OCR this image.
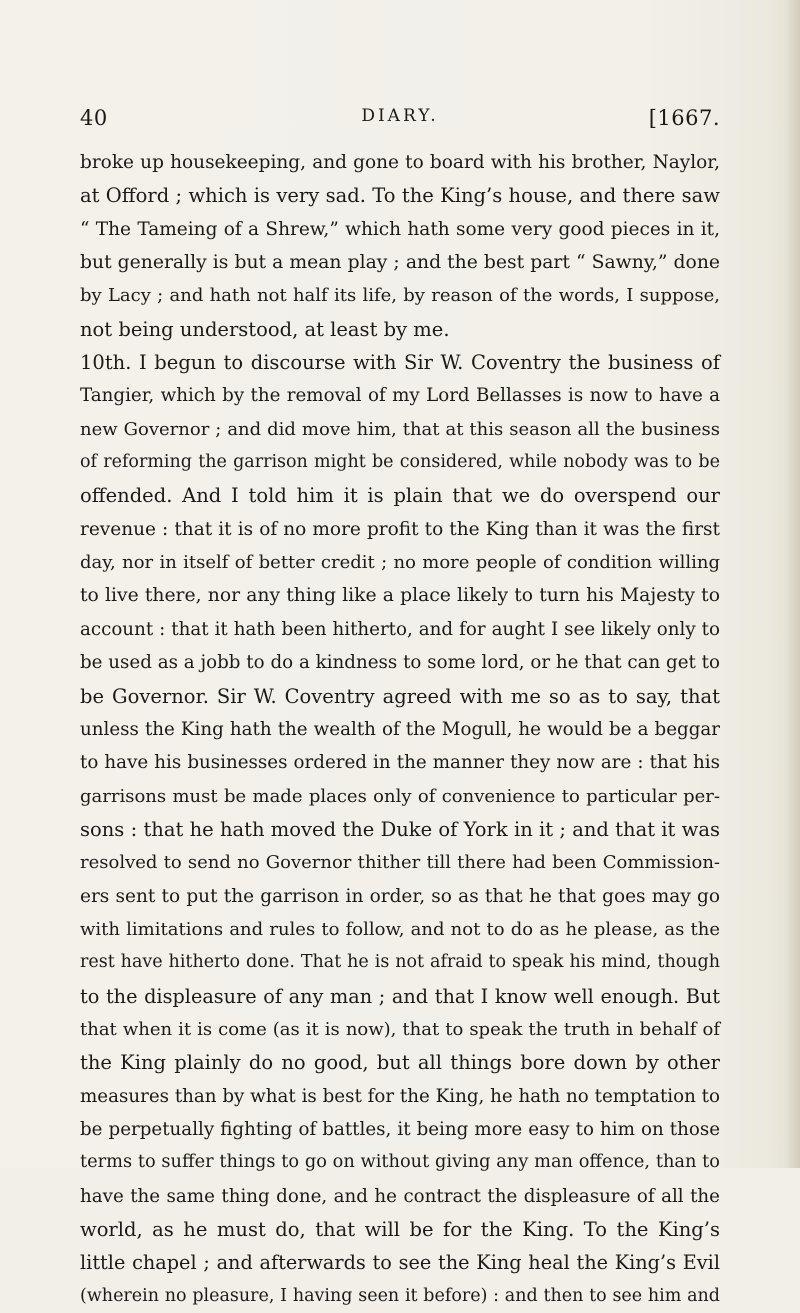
40	DIARY.	[1667.
broke up housekeeping, and gone to board with his brother, Naylor,
at Offord ; which is very sad. To the King’s house, and there saw
“ The Tameing of a Shrew,” which hath some very good pieces in it,
but generally is but a mean play ; and the best part “ Sawny,” done
by Lacy ; and hath not half its life, by reason of the words, I suppose,
not being understood, at least by me.
10th. I begun to discourse with Sir W. Coventry the business of
Tangier, which by the removal of my Lord Bellasses is now to have a
new Governor ; and did move him, that at this season all the business
of reforming the garrison might be considered, while nobody was to be
offended. And I told him it is plain that we do overspend our
revenue : that it is of no more profit to the King than it was the first
day, nor in itself of better credit ; no more people of condition willing
to live there, nor any thing like a place likely to turn his Majesty to
account : that it hath been hitherto, and for aught I see likely only to
be used as a jobb to do a kindness to some lord, or he that can get to
be Governor. Sir W. Coventry agreed with me so as to say, that
unless the King hath the wealth of the Mogull, he would be a beggar
to have his businesses ordered in the manner they now are : that his
garrisons must be made places only of convenience to particular per-
sons : that he hath moved the Duke of York in it ; and that it was
resolved to send no Governor thither till there had been Commission-
ers sent to put the garrison in order, so as that he that goes may go
with limitations and rules to follow, and not to do as he please, as the
rest have hitherto done. That he is not afraid to speak his mind, though
to the displeasure of any man ; and that I know well enough. But
that when it is come (as it is now), that to speak the truth in behalf of
the King plainly do no good, but all things bore down by other
measures than by what is best for the King, he hath no temptation to
be perpetually fighting of battles, it being more easy to him on those
terms to suffer things to go on without giving any man offence, than to
have the same thing done, and he contract the displeasure of all the
world, as he must do, that will be for the King. To the King’s
little chapel ; and afterwards to see the King heal the King’s Evil
(wherein no pleasure, I having seen it before) : and then to see him and
